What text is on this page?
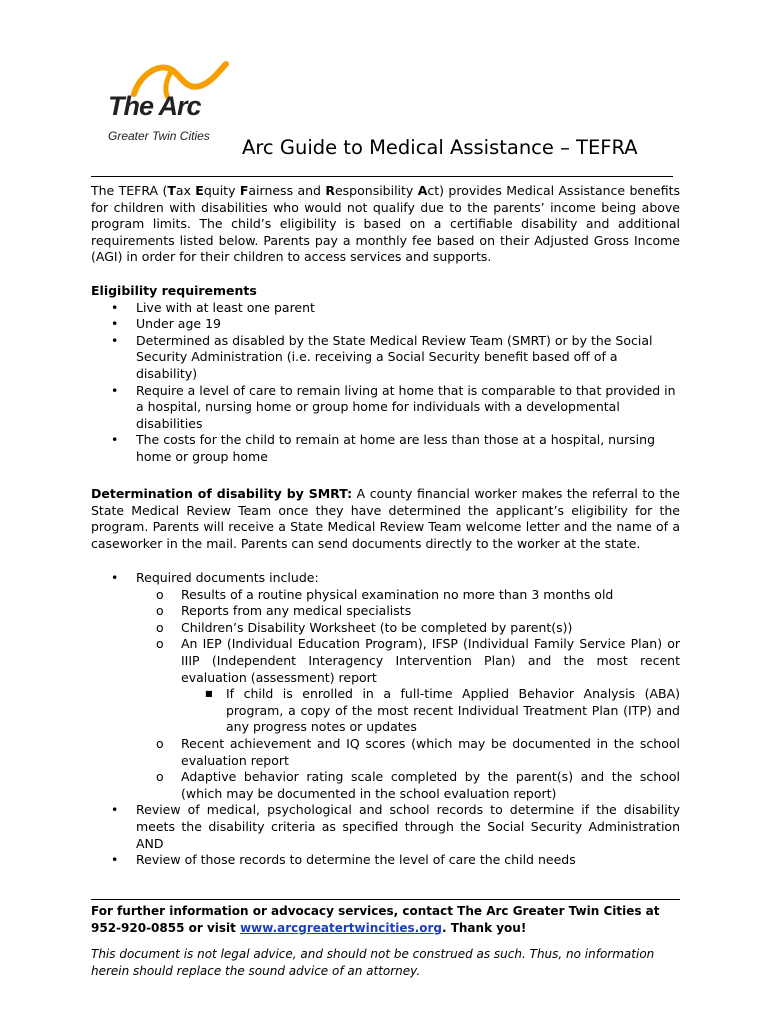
The Arc
Greater Twin Cities Arc Guide to Medical Assistance – TEFRA
The TEFRA (Tax Equity Fairness and Responsibility Act) provides Medical Assistance benefits for children with disabilities who would not qualify due to the parents’ income being above program limits. The child’s eligibility is based on a certifiable disability and additional requirements listed below. Parents pay a monthly fee based on their Adjusted Gross Income (AGI) in order for their children to access services and supports.

Eligibility requirements

• Live with at least one parent
• Under age 19
• Determined as disabled by the State Medical Review Team (SMRT) or by the Social Security Administration (i.e. receiving a Social Security benefit based off of a disability)
• Require a level of care to remain living at home that is comparable to that provided in a hospital, nursing home or group home for individuals with a developmental disabilities
• The costs for the child to remain at home are less than those at a hospital, nursing home or group home
Determination of disability by SMRT: A county financial worker makes the referral to the State Medical Review Team once they have determined the applicant’s eligibility for the program. Parents will receive a State Medical Review Team welcome letter and the name of a caseworker in the mail. Parents can send documents directly to the worker at the state.
• Required documents include:
o Results of a routine physical examination no more than 3 months old
o Reports from any medical specialists
o Children’s Disability Worksheet (to be completed by parent(s))
o An IEP (Individual Education Program), IFSP (Individual Family Service Plan) or IIIP (Independent Interagency Intervention Plan) and the most recent evaluation (assessment) report
■ If child is enrolled in a full-time Applied Behavior Analysis (ABA) program, a copy of the most recent Individual Treatment Plan (ITP) and any progress notes or updates
o Recent achievement and IQ scores (which may be documented in the school evaluation report
o Adaptive behavior rating scale completed by the parent(s) and the school (which may be documented in the school evaluation report)
• Review of medical, psychological and school records to determine if the disability meets the disability criteria as specified through the Social Security Administration AND
• Review of those records to determine the level of care the child needs
For further information or advocacy services, contact The Arc Greater Twin Cities at 952-920-0855 or visit www.arcgreatertwincities.org. Thank you!
This document is not legal advice, and should not be construed as such. Thus, no information herein should replace the sound advice of an attorney.
